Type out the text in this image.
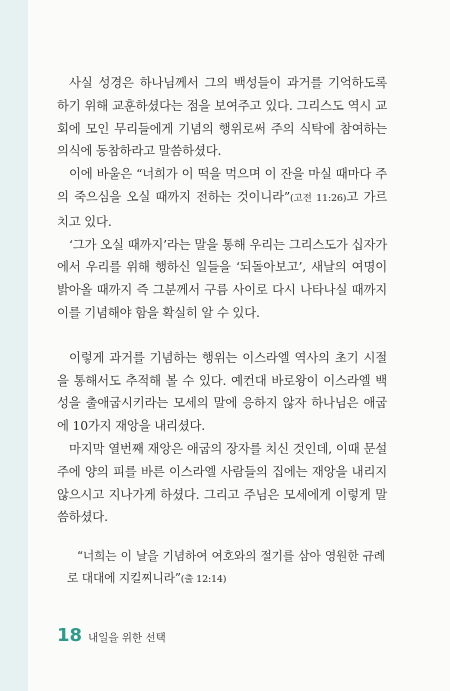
사실 성경은 하나님께서 그의 백성들이 과거를 기억하도록 하기 위해 교훈하셨다는 점을 보여주고 있다. 그리스도 역시 교회에 모인 무리들에게 기념의 행위로써 주의 식탁에 참여하는 의식에 동참하라고 말씀하셨다.

이에 바울은 “너희가 이 떡을 먹으며 이 잔을 마실 때마다 주의 죽으심을 오실 때까지 전하는 것이니라”(고전 11:26)고 가르치고 있다.

‘그가 오실 때까지’라는 말을 통해 우리는 그리스도가 십자가에서 우리를 위해 행하신 일들을 ‘되돌아보고’, 새날의 여명이 밝아올 때까지 즉 그분께서 구름 사이로 다시 나타나실 때까지 이를 기념해야 함을 확실히 알 수 있다.

이렇게 과거를 기념하는 행위는 이스라엘 역사의 초기 시절을 통해서도 추적해 볼 수 있다. 예컨대 바로왕이 이스라엘 백성을 출애굽시키라는 모세의 말에 응하지 않자 하나님은 애굽에 10가지 재앙을 내리셨다.

마지막 열번째 재앙은 애굽의 장자를 치신 것인데, 이때 문설주에 양의 피를 바른 이스라엘 사람들의 집에는 재앙을 내리지 않으시고 지나가게 하셨다. 그리고 주님은 모세에게 이렇게 말씀하셨다.

“너희는 이 날을 기념하여 여호와의 절기를 삼아 영원한 규례로 대대에 지킬찌니라”(출 12:14)

18 내일을 위한 선택
